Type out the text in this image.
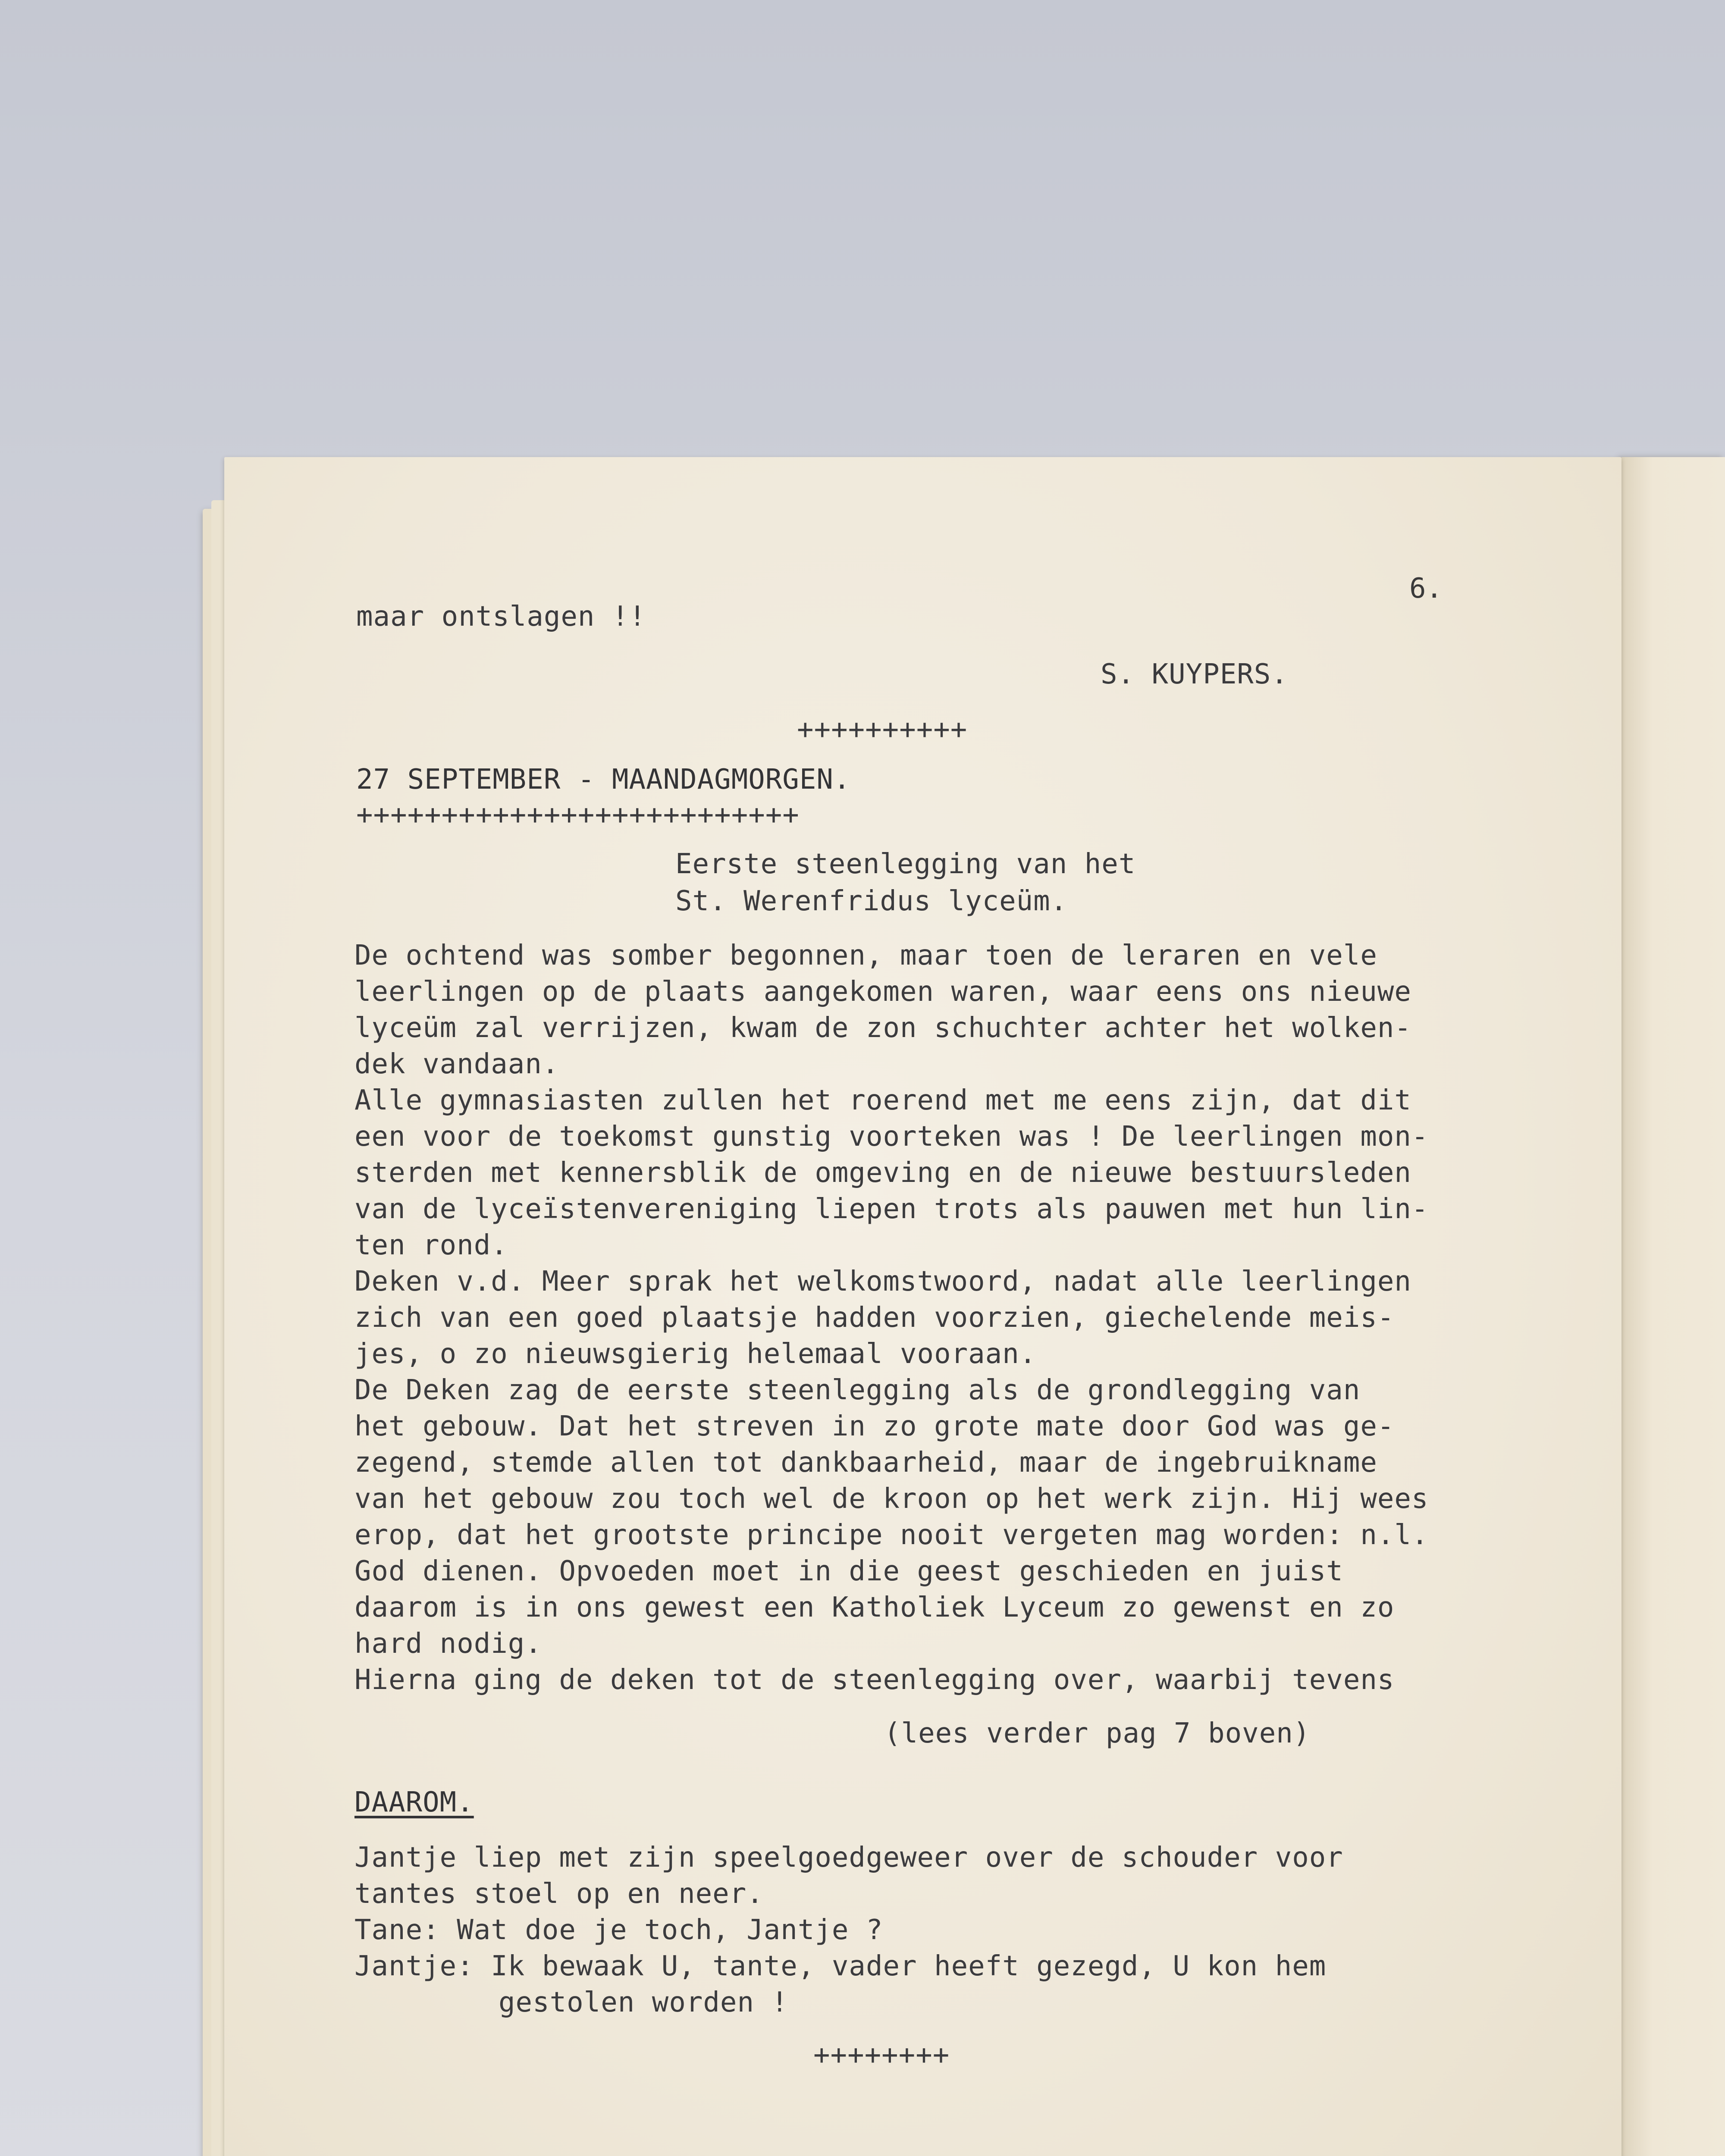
6.
maar ontslagen !!
S. KUYPERS.
++++++++++
27 SEPTEMBER - MAANDAGMORGEN.
++++++++++++++++++++++++++
Eerste steenlegging van het
St. Werenfridus lyceüm.
De ochtend was somber begonnen, maar toen de leraren en vele
leerlingen op de plaats aangekomen waren, waar eens ons nieuwe
lyceüm zal verrijzen, kwam de zon schuchter achter het wolken-
dek vandaan.
Alle gymnasiasten zullen het roerend met me eens zijn, dat dit
een voor de toekomst gunstig voorteken was ! De leerlingen mon-
sterden met kennersblik de omgeving en de nieuwe bestuursleden
van de lyceïstenvereniging liepen trots als pauwen met hun lin-
ten rond.
Deken v.d. Meer sprak het welkomstwoord, nadat alle leerlingen
zich van een goed plaatsje hadden voorzien, giechelende meis-
jes, o zo nieuwsgierig helemaal vooraan.
De Deken zag de eerste steenlegging als de grondlegging van
het gebouw. Dat het streven in zo grote mate door God was ge-
zegend, stemde allen tot dankbaarheid, maar de ingebruikname
van het gebouw zou toch wel de kroon op het werk zijn. Hij wees
erop, dat het grootste principe nooit vergeten mag worden: n.l.
God dienen. Opvoeden moet in die geest geschieden en juist
daarom is in ons gewest een Katholiek Lyceum zo gewenst en zo
hard nodig.
Hierna ging de deken tot de steenlegging over, waarbij tevens
(lees verder pag 7 boven)
DAAROM.
Jantje liep met zijn speelgoedgeweer over de schouder voor
tantes stoel op en neer.
Tane: Wat doe je toch, Jantje ?
Jantje: Ik bewaak U, tante, vader heeft gezegd, U kon hem
gestolen worden !
++++++++
